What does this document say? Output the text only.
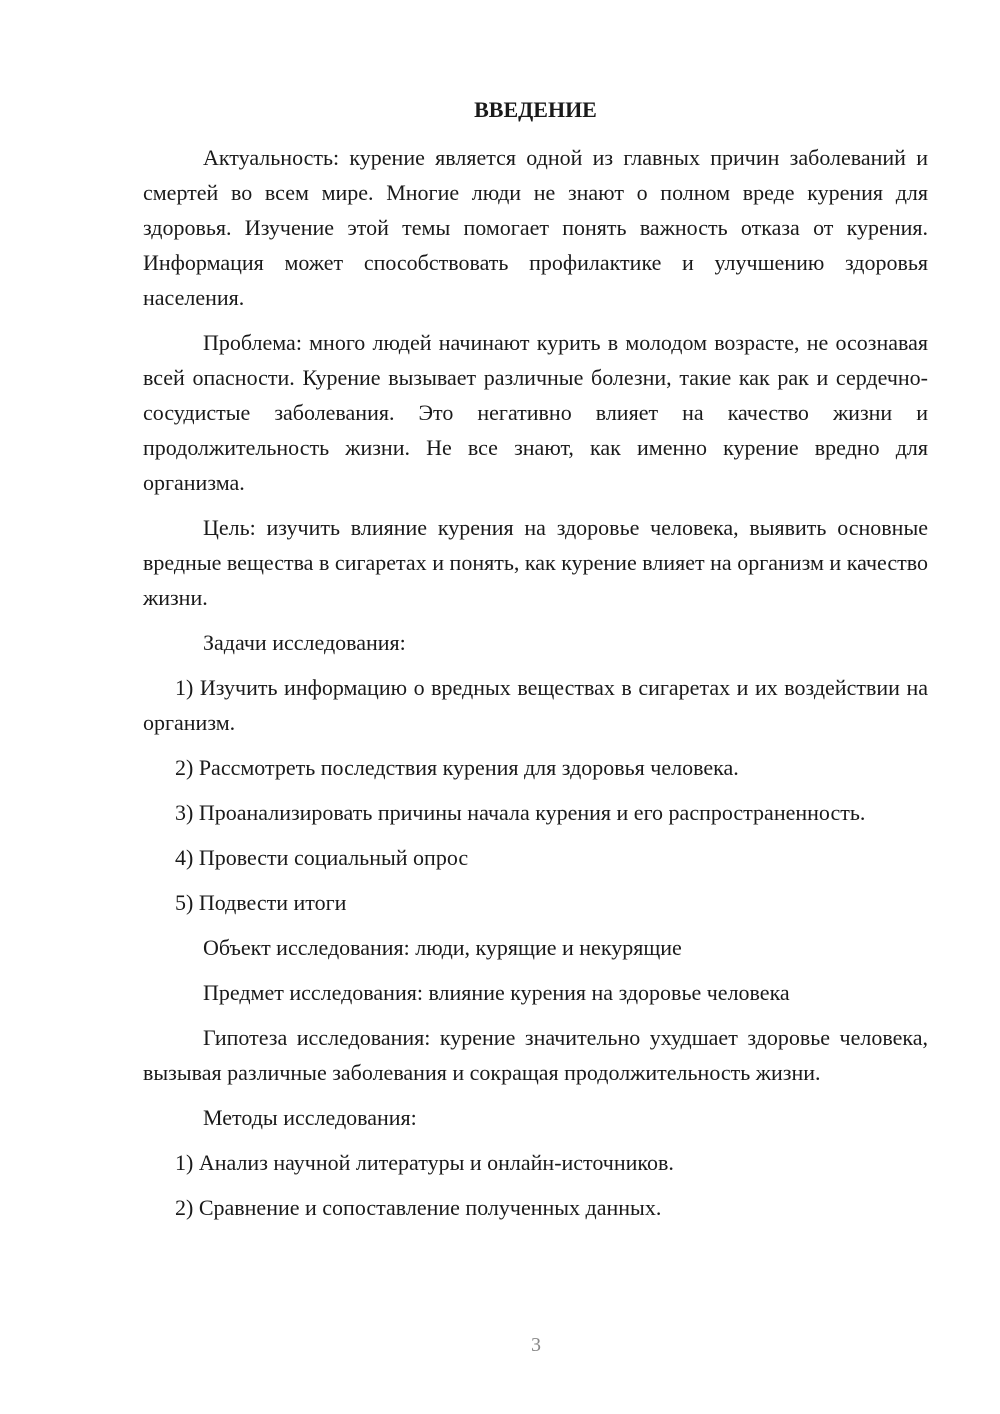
ВВЕДЕНИЕ

Актуальность: курение является одной из главных причин заболеваний и смертей во всем мире. Многие люди не знают о полном вреде курения для здоровья. Изучение этой темы помогает понять важность отказа от курения. Информация может способствовать профилактике и улучшению здоровья населения.

Проблема: много людей начинают курить в молодом возрасте, не осознавая всей опасности. Курение вызывает различные болезни, такие как рак и сердечно-сосудистые заболевания. Это негативно влияет на качество жизни и продолжительность жизни. Не все знают, как именно курение вредно для организма.

Цель: изучить влияние курения на здоровье человека, выявить основные вредные вещества в сигаретах и понять, как курение влияет на организм и качество жизни.

Задачи исследования:

1) Изучить информацию о вредных веществах в сигаретах и их воздействии на организм.

2) Рассмотреть последствия курения для здоровья человека.

3) Проанализировать причины начала курения и его распространенность.

4) Провести социальный опрос

5) Подвести итоги

Объект исследования: люди, курящие и некурящие

Предмет исследования: влияние курения на здоровье человека

Гипотеза исследования: курение значительно ухудшает здоровье человека, вызывая различные заболевания и сокращая продолжительность жизни.

Методы исследования:

1) Анализ научной литературы и онлайн-источников.

2) Сравнение и сопоставление полученных данных.

3
